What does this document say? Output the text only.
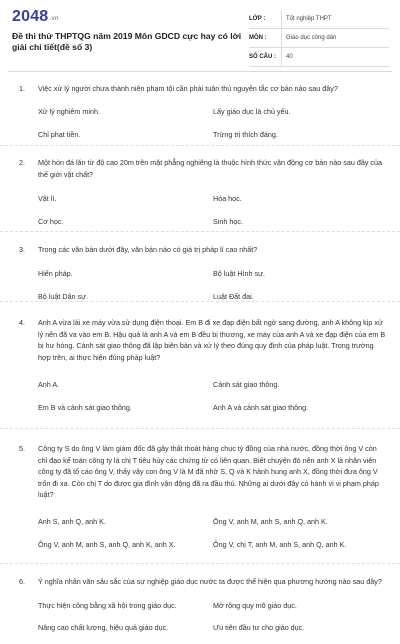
2048.vn
Đề thi thử THPTQG năm 2019 Môn GDCD cực hay có lời giải chi tiết(đề số 3)
LỚP :	Tốt nghiệp THPT
MÔN :	Giáo dục công dân
SỐ CÂU :	40
1.	Việc xử lý người chưa thành niên phạm tội cần phải tuân thủ nguyên tắc cơ bản nào sau đây?
Xử lý nghiêm minh.	Lấy giáo dục là chủ yếu.
Chỉ phạt tiền.	Trừng trị thích đáng.
2.	Một hòn đá lăn từ độ cao 20m trên mặt phẳng nghiêng là thuộc hình thức vận động cơ bản nào sau đây của thế giới vật chất?
Vật lí.	Hóa học.
Cơ học.	Sinh học.
3.	Trong các văn bản dưới đây, văn bản nào có giá trị pháp lí cao nhất?
Hiến pháp.	Bộ luật Hình sự.
Bộ luật Dân sự.	Luật Đất đai.
4.	Anh A vừa lái xe máy vừa sử dụng điện thoại. Em B đi xe đạp điện bất ngờ sang đường, anh A không kịp xử lý nên đã va vào em B. Hậu quả là anh A và em B đều bị thương, xe máy của anh A và xe đạp điện của em B bị hư hỏng. Cảnh sát giao thông đã lập biên bản và xử lý theo đúng quy định của pháp luật. Trong trường hợp trên, ai thực hiện đúng pháp luật?
Anh A.	Cảnh sát giao thông.
Em B và cảnh sát giao thông.	Anh A và cảnh sát giao thông.
5.	Công ty S do ông V làm giám đốc đã gây thất thoát hàng chục tỷ đồng của nhà nước, đồng thời ông V còn chỉ đạo kế toán công ty là chị T tiêu hủy các chứng từ có liên quan. Biết chuyện đó nên anh X là nhân viên công ty đã tố cáo ông V, thấy vậy con ông V là M đã nhờ S, Q và K hành hung anh X, đồng thời đưa ông V trốn đi xa. Còn chị T do được gia đình vận động đã ra đầu thú. Những ai dưới đây có hành vi vi phạm pháp luật?
Anh S, anh Q, anh K.	Ông V, anh M, anh S, anh Q, anh K.
Ông V, anh M, anh S, anh Q, anh K, anh X.	Ông V, chị T, anh M, anh S, anh Q, anh K.
6.	Ý nghĩa nhân văn sâu sắc của sự nghiệp giáo dục nước ta được thể hiện qua phương hướng nào sau đây?
Thực hiện công bằng xã hội trong giáo dục.	Mở rộng quy mô giáo dục.
Nâng cao chất lượng, hiệu quả giáo dục.	Ưu tiên đầu tư cho giáo dục.
